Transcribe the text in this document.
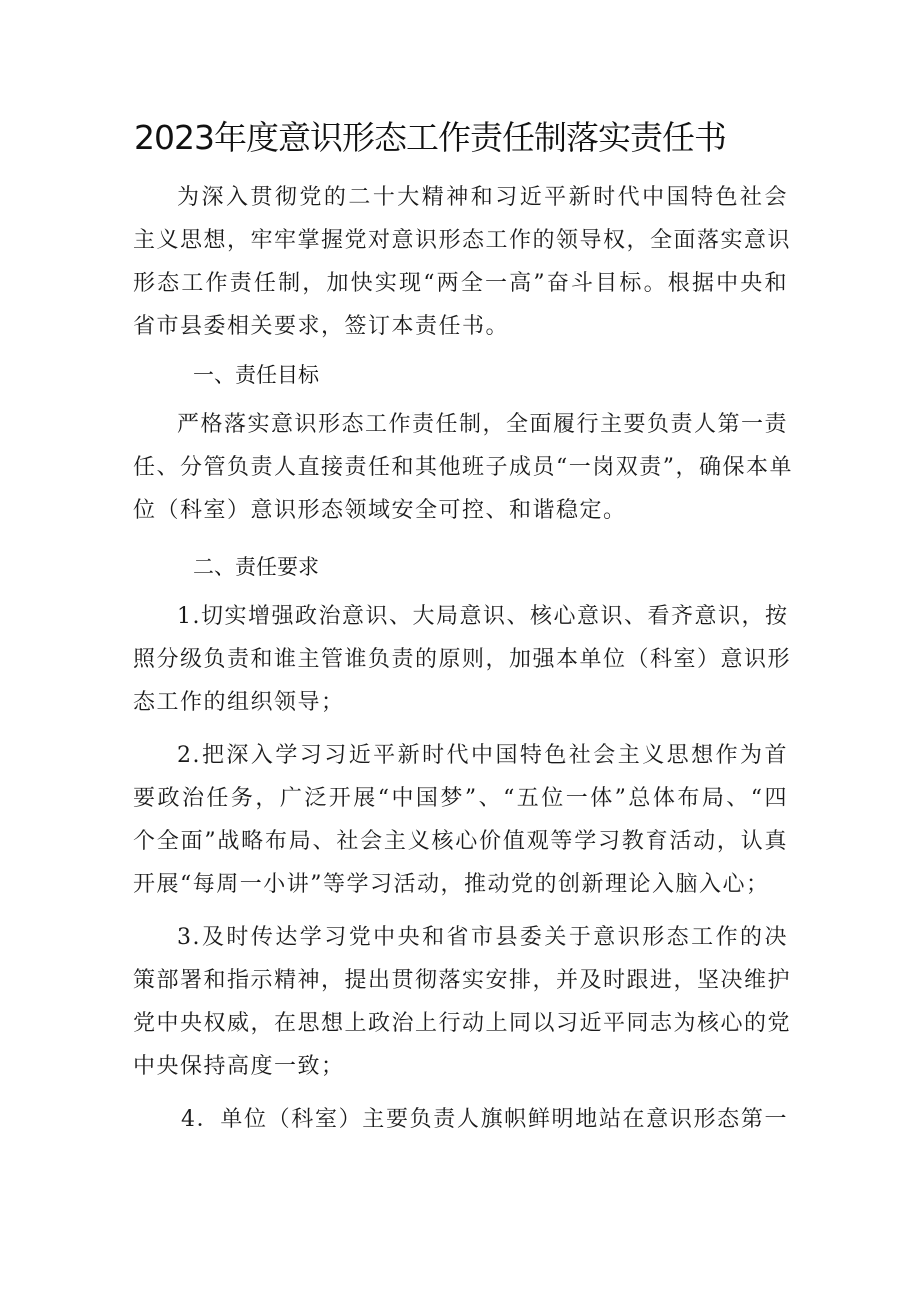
2023年度意识形态工作责任制落实责任书
为深入贯彻党的二十大精神和习近平新时代中国特色社会
主义思想，牢牢掌握党对意识形态工作的领导权，全面落实意识
形态工作责任制，加快实现“两全一高”奋斗目标。根据中央和
省市县委相关要求，签订本责任书。
一、责任目标
严格落实意识形态工作责任制，全面履行主要负责人第一责
任、分管负责人直接责任和其他班子成员“一岗双责”，确保本单
位（科室）意识形态领域安全可控、和谐稳定。
二、责任要求
1.切实增强政治意识、大局意识、核心意识、看齐意识，按
照分级负责和谁主管谁负责的原则，加强本单位（科室）意识形
态工作的组织领导；
2.把深入学习习近平新时代中国特色社会主义思想作为首
要政治任务，广泛开展“中国梦”、“五位一体”总体布局、“四
个全面”战略布局、社会主义核心价值观等学习教育活动，认真
开展“每周一小讲”等学习活动，推动党的创新理论入脑入心；
3.及时传达学习党中央和省市县委关于意识形态工作的决
策部署和指示精神，提出贯彻落实安排，并及时跟进，坚决维护
党中央权威，在思想上政治上行动上同以习近平同志为核心的党
中央保持高度一致；
4．单位（科室）主要负责人旗帜鲜明地站在意识形态第一
